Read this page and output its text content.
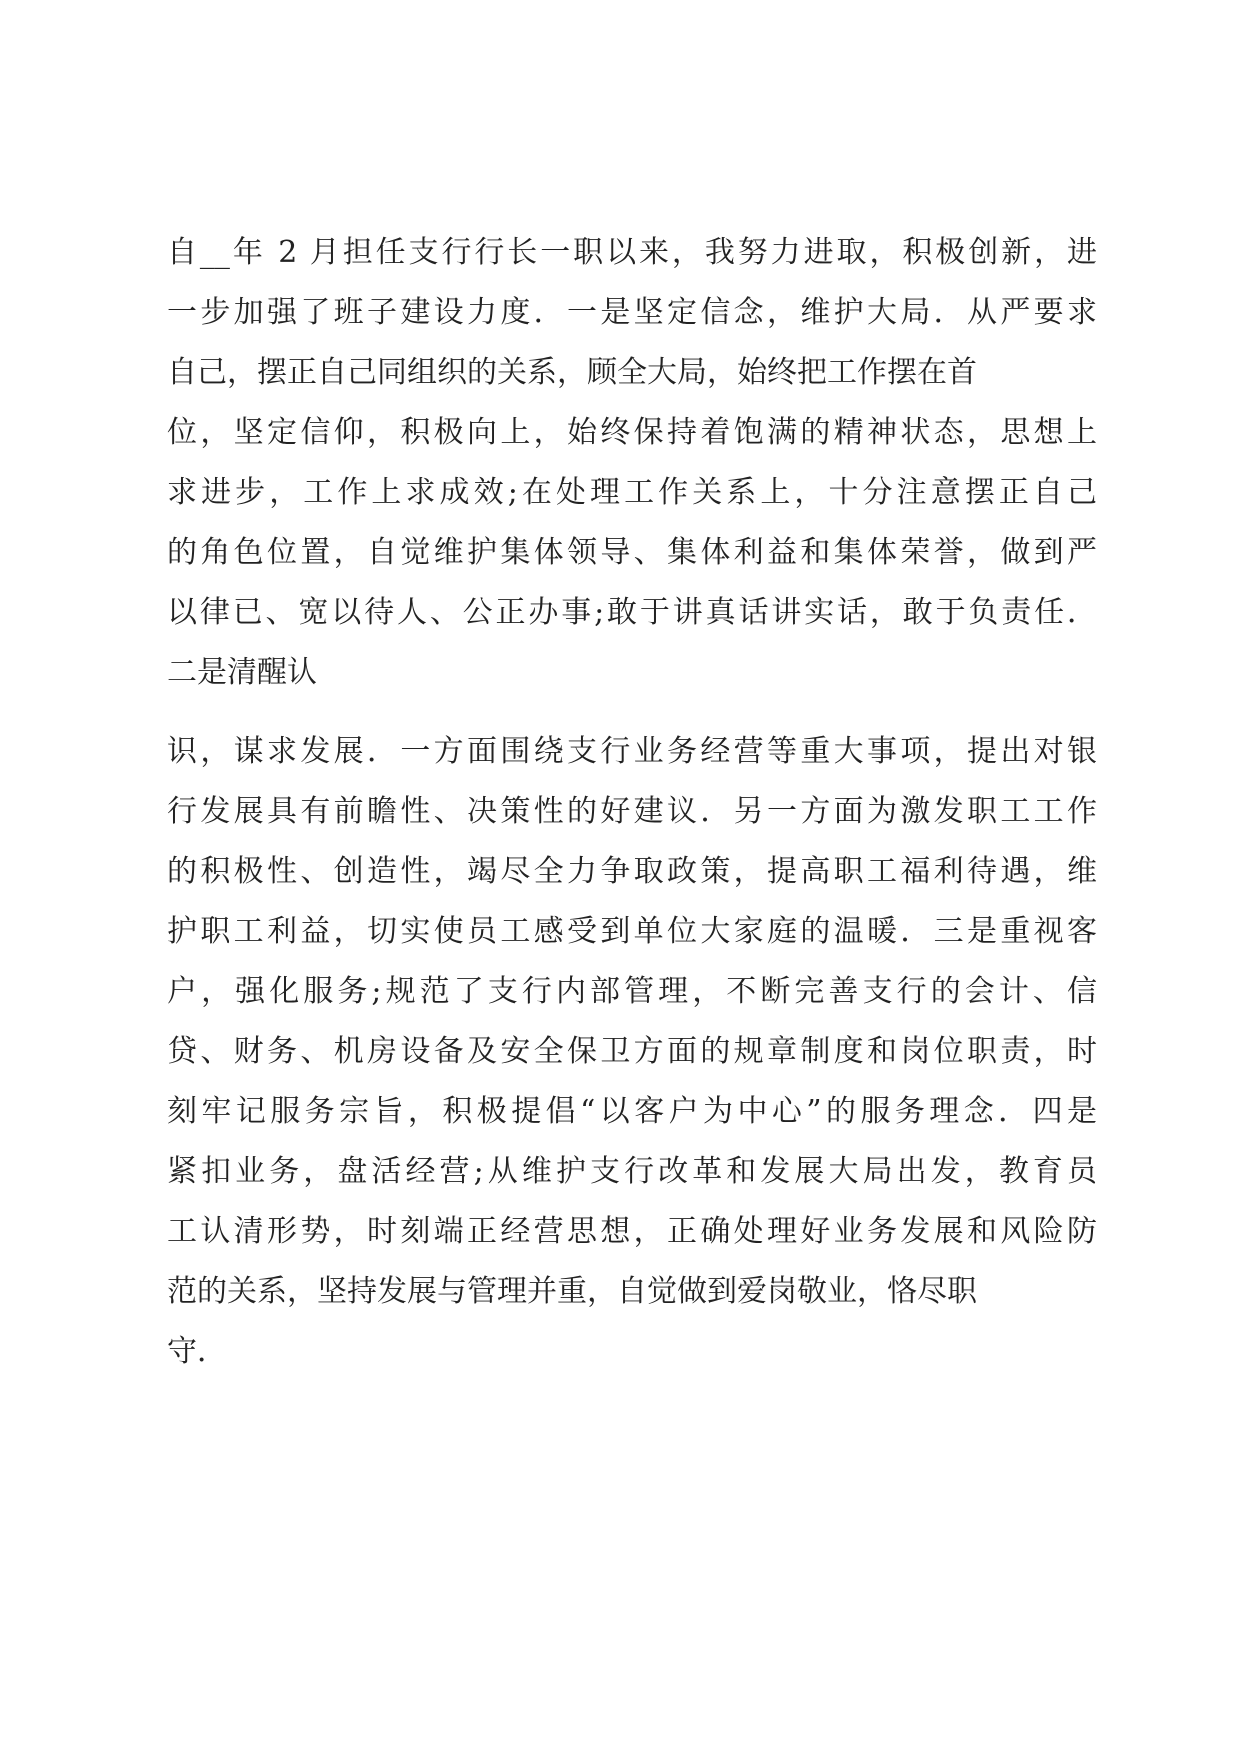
自__年 2 月担任支行行长一职以来，我努力进取，积极创新，进
一步加强了班子建设力度．一是坚定信念，维护大局．从严要求
自己，摆正自己同组织的关系，顾全大局，始终把工作摆在首
位，坚定信仰，积极向上，始终保持着饱满的精神状态，思想上
求进步，工作上求成效;在处理工作关系上，十分注意摆正自己
的角色位置，自觉维护集体领导、集体利益和集体荣誉，做到严
以律已、宽以待人、公正办事;敢于讲真话讲实话，敢于负责任．
二是清醒认
识，谋求发展．一方面围绕支行业务经营等重大事项，提出对银
行发展具有前瞻性、决策性的好建议．另一方面为激发职工工作
的积极性、创造性，竭尽全力争取政策，提高职工福利待遇，维
护职工利益，切实使员工感受到单位大家庭的温暖．三是重视客
户，强化服务;规范了支行内部管理，不断完善支行的会计、信
贷、财务、机房设备及安全保卫方面的规章制度和岗位职责，时
刻牢记服务宗旨，积极提倡“以客户为中心”的服务理念．四是
紧扣业务，盘活经营;从维护支行改革和发展大局出发，教育员
工认清形势，时刻端正经营思想，正确处理好业务发展和风险防
范的关系，坚持发展与管理并重，自觉做到爱岗敬业，恪尽职
守．
